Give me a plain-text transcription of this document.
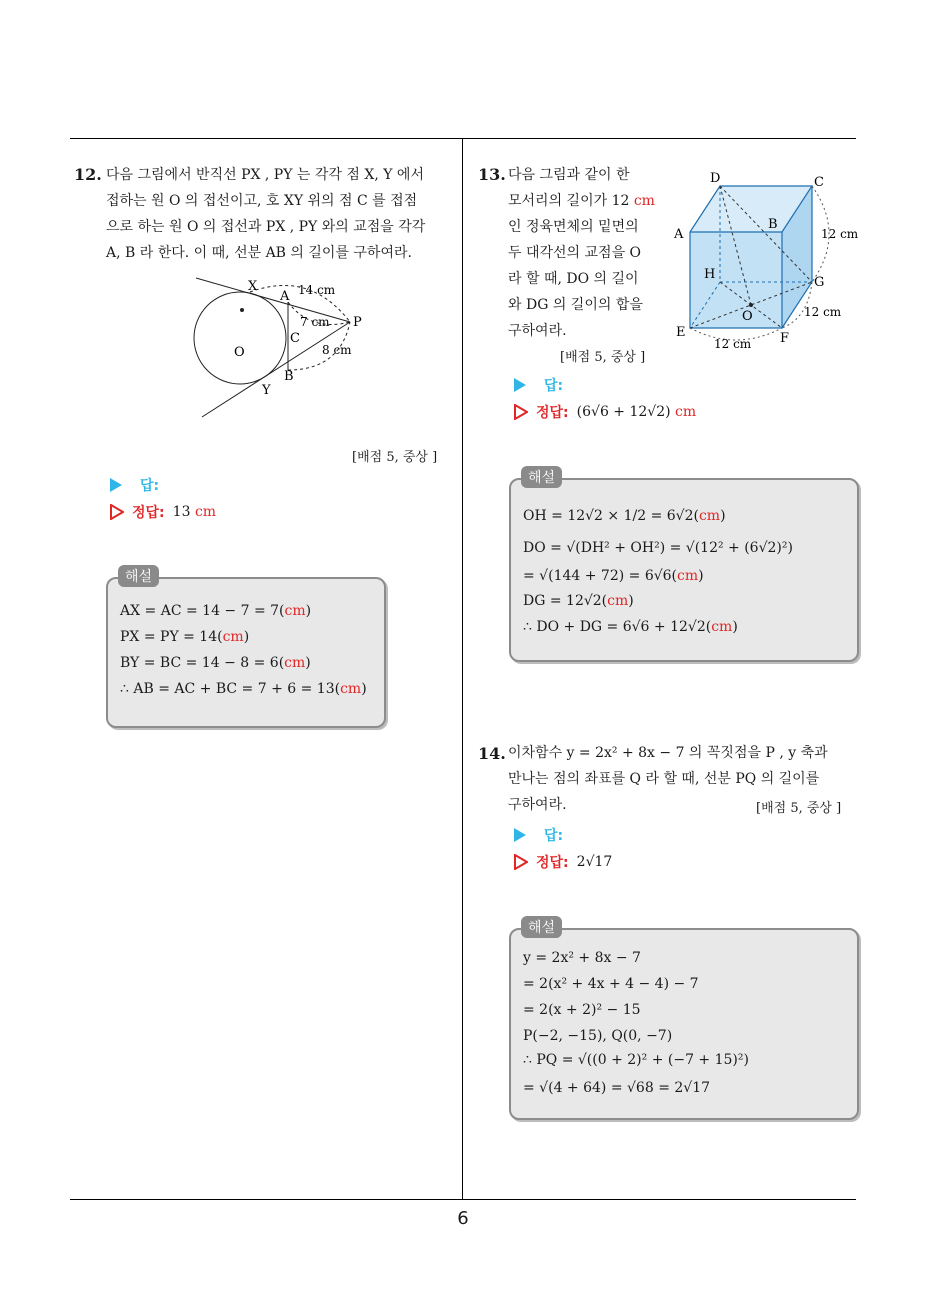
12. 다음 그림에서 반직선 PX , PY 는 각각 점 X, Y 에서
접하는 원 O 의 접선이고, 호 XY 위의 점 C 를 접점
으로 하는 원 O 의 접선과 PX , PY 와의 교점을 각각
A, B 라 한다. 이 때, 선분 AB 의 길이를 구하여라.
X
A 14 cm
7 cm P
C
8 cm
O
B
Y
[배점 5, 중상 ]
답:
정답: 13 cm
해설
AX = AC = 14 − 7 = 7(cm)
PX = PY = 14(cm)
BY = BC = 14 − 8 = 6(cm)
∴ AB = AC + BC = 7 + 6 = 13(cm)
13. 다음 그림과 같이 한
모서리의 길이가 12 cm
인 정육면체의 밑면의
두 대각선의 교점을 O
라 할 때, DO 의 길이
와 DG 의 길이의 합을
구하여라.
[배점 5, 중상 ]
D	C
A
B
12 cm
H
G
O	12 cm
E	F
12 cm
답:
정답: (6√6 + 12√2) cm
해설
OH = 12√2 × 1/2 = 6√2(cm)
DO = √(DH² + OH²) = √(12² + (6√2)²)
= √(144 + 72) = 6√6(cm)
DG = 12√2(cm)
∴ DO + DG = 6√6 + 12√2(cm)
14. 이차함수 y = 2x² + 8x − 7 의 꼭짓점을 P , y 축과
만나는 점의 좌표를 Q 라 할 때, 선분 PQ 의 길이를
구하여라.	[배점 5, 중상 ]
답:
정답: 2√17
해설
y = 2x² + 8x − 7
= 2(x² + 4x + 4 − 4) − 7
= 2(x + 2)² − 15
P(−2, −15), Q(0, −7)
∴ PQ = √((0 + 2)² + (−7 + 15)²)
= √(4 + 64) = √68 = 2√17
6
